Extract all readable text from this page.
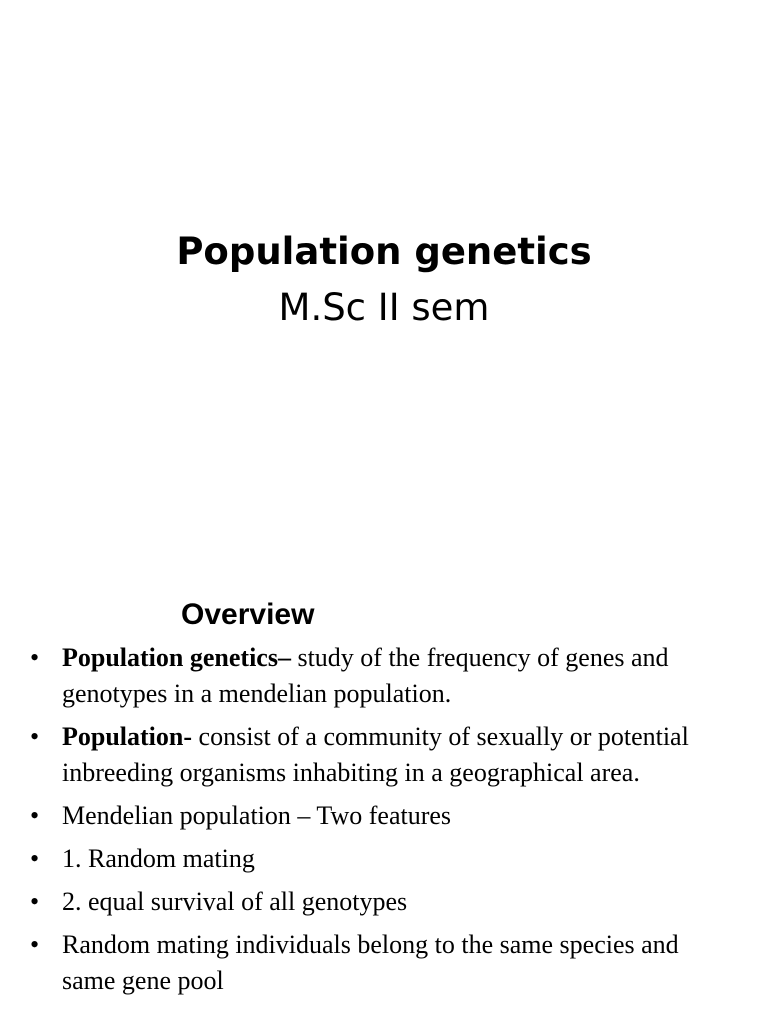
Population genetics
M.Sc II sem
Overview
• Population genetics– study of the frequency of genes and genotypes in a mendelian population.
• Population- consist of a community of sexually or potential inbreeding organisms inhabiting in a geographical area.
• Mendelian population – Two features
• 1. Random mating
• 2. equal survival of all genotypes
• Random mating individuals belong to the same species and same gene pool
